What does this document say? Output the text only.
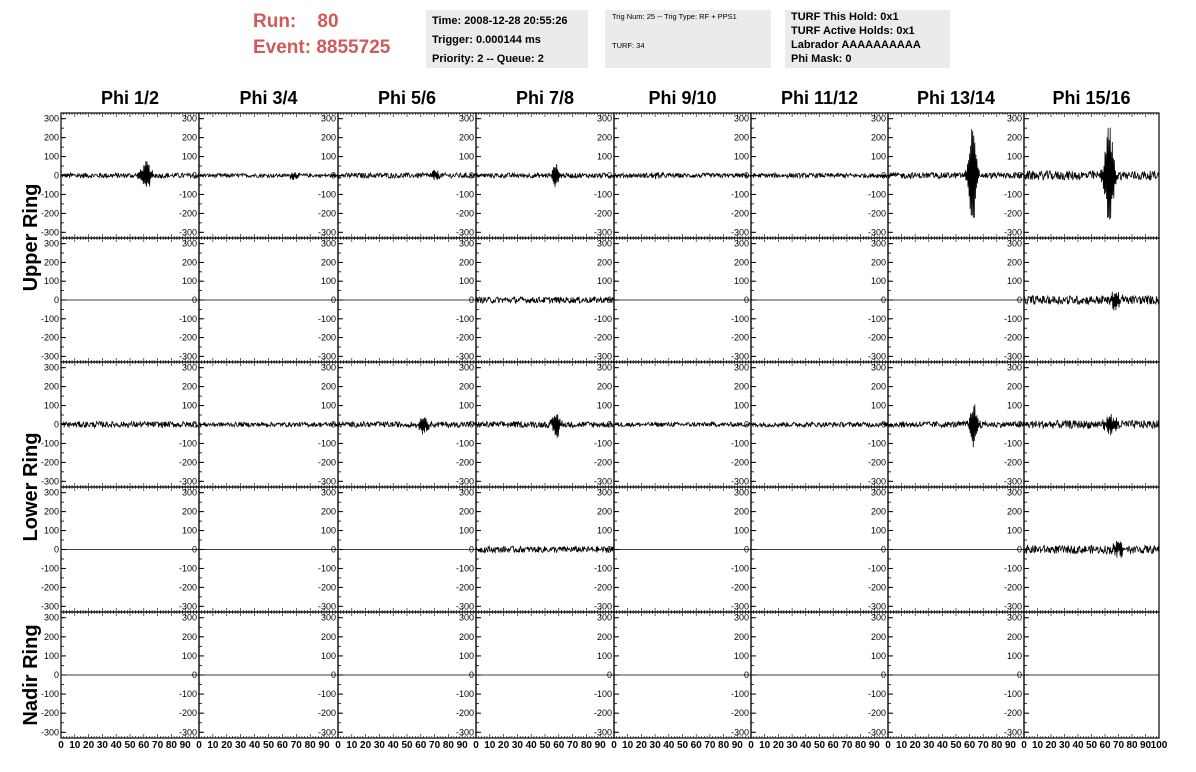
Run: 80
Event: 8855725
Time: 2008-12-28 20:55:26
Trigger: 0.000144 ms
Priority: 2 -- Queue: 2
Trig Num: 25 -- Trig Type: RF + PPS1
TURF: 34
TURF This Hold: 0x1
TURF Active Holds: 0x1
Labrador AAAAAAAAAA
Phi Mask: 0
Phi 1/2	Phi 3/4	Phi 5/6	Phi 7/8	Phi 9/10	Phi 11/12	Phi 13/14	Phi 15/16
Upper Ring
Lower Ring
Nadir Ring
300
200
100
0
-100
-200
-300
300
200
100
0
-100
-200
-300
300
200
100
0
-100
-200
-300
300
200
100
0
-100
-200
-300
300
200
100
0
-100
-200
-300
300
200
100
0
-100
-200
-300
300
200
100
0
-100
-200
-300
300
200
100
0
-100
-200
-300
300
200
100
0
-100
-200
-300
300
200
100
0
-100
-200
-300
300
200
100
0
-100
-200
-300
300
200
100
0
-100
-200
-300
300
200
100
0
-100
-200
-300
300
200
100
0
-100
-200
-300
300
200
100
0
-100
-200
-300
300
200
100
0
-100
-200
-300
300
200
100
0
-100
-200
-300
300
200
100
0
-100
-200
-300
300
200
100
0
-100
-200
-300
300
200
100
0
-100
-200
-300
300
200
100
0
-100
-200
-300
300
200
100
0
-100
-200
-300
300
200
100
0
-100
-200
-300
300
200
100
0
-100
-200
-300
300
200
100
0
-100
-200
-300
300
200
100
0
-100
-200
-300
300
200
100
0
-100
-200
-300
300
200
100
0
-100
-200
-300
300
200
100
0
-100
-200
-300
300
200
100
0
-100
-200
-300
300
200
100
0
-100
-200
-300
300
200
100
0
-100
-200
-300
300
200
100
0
-100
-200
-300
300
200
100
0
-100
-200
-300
300
200
100
0
-100
-200
-300
300
200
100
0
-100
-200
-300
300
200
100
0
-100
-200
-300
300
200
100
0
-100
-200
-300
300
200
100
0
-100
-200
-300
300
200
100
0
-100
-200
-300
0 10 20 30 40 50 60 70 80 90 0 10 20 30 40 50 60 70 80 90 0 10 20 30 40 50 60 70 80 90 0 10 20 30 40 50 60 70 80 90 0 10 20 30 40 50 60 70 80 90 0 10 20 30 40 50 60 70 80 90 0 10 20 30 40 50 60 70 80 90 0 10 20 30 40 50 60 70 80 90 100
